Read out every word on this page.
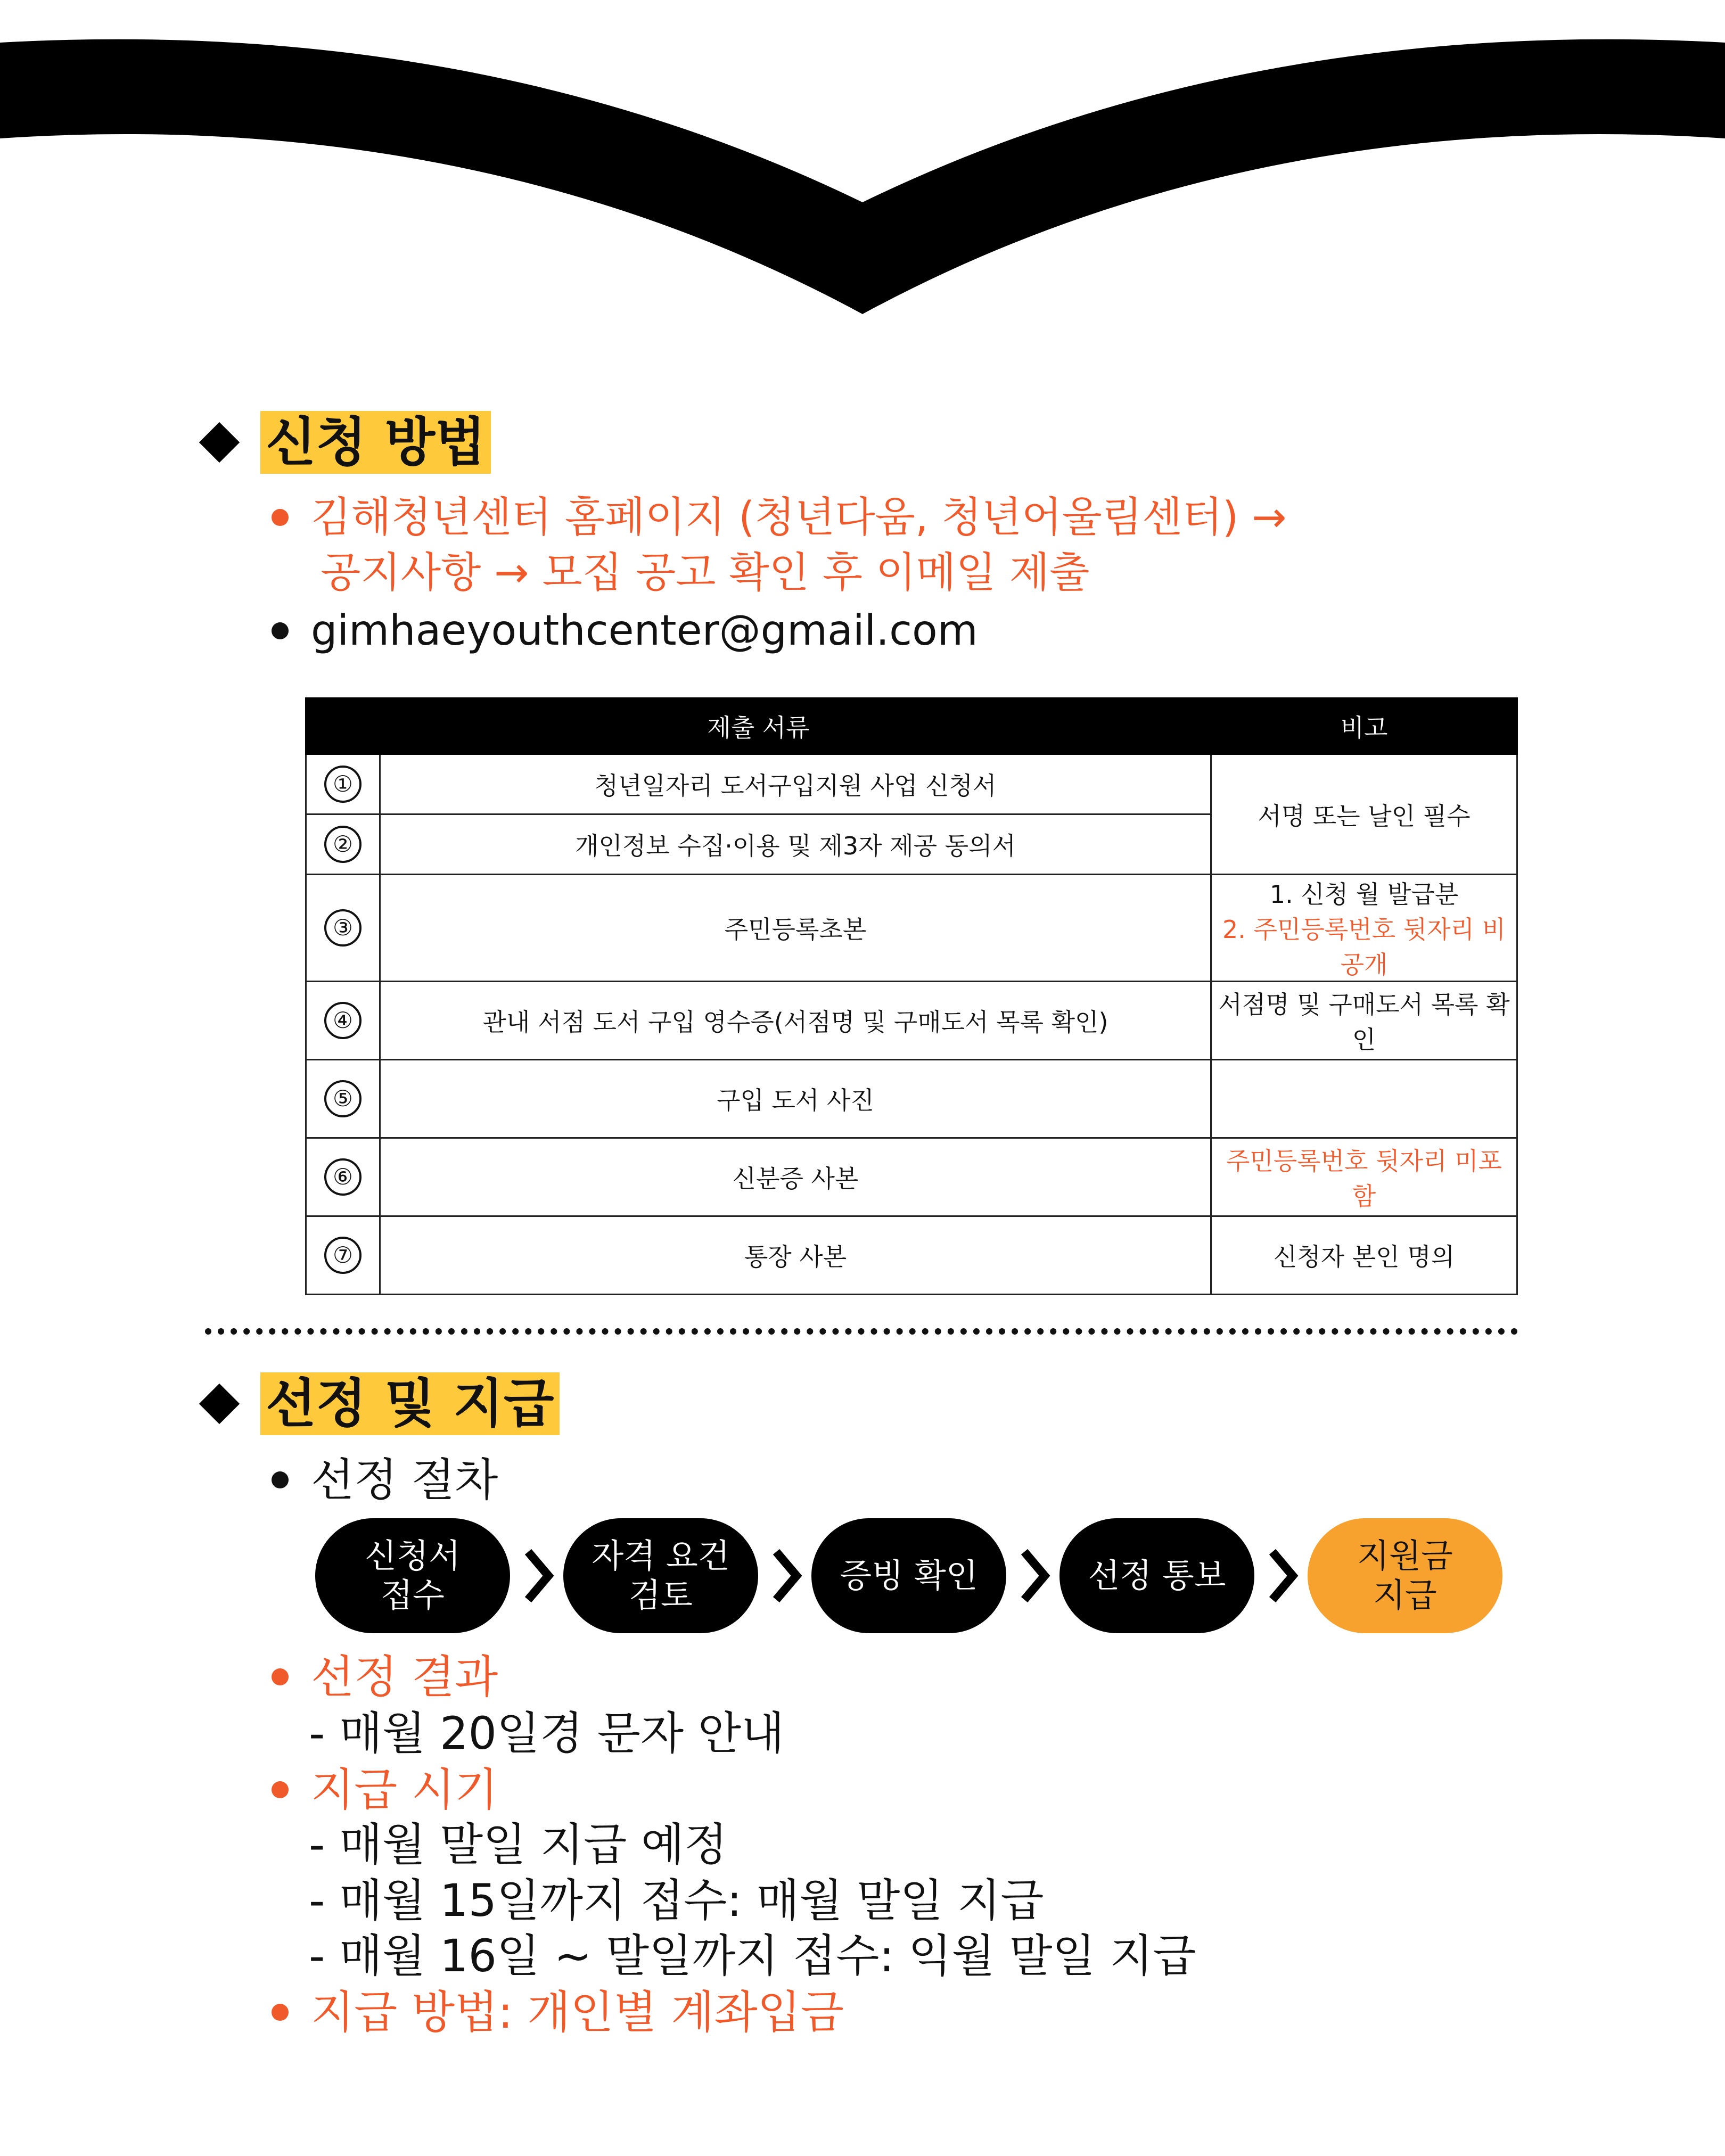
신청 방법
김해청년센터 홈페이지 (청년다움, 청년어울림센터) →
공지사항 → 모집 공고 확인 후 이메일 제출
gimhaeyouthcenter@gmail.com
제출 서류		비고
①	청년일자리 도서구입지원 사업 신청서	서명 또는 날인 필수
②	개인정보 수집·이용 및 제3자 제공 동의서	
③	주민등록초본	1. 신청 월 발급분
2. 주민등록번호 뒷자리 비공개

④	관내 서점 도서 구입 영수증(서점명 및 구매도서 목록 확인)	서점명 및 구매도서 목록 확인
⑤	구입 도서 사진	
⑥	신분증 사본	주민등록번호 뒷자리 미포함
⑦	통장 사본	신청자 본인 명의
선정 및 지급
선정 절차
신청서
접수
자격 요건
검토
증빙 확인	선정 통보
지원금
지급
선정 결과
- 매월 20일경 문자 안내
지급 시기
- 매월 말일 지급 예정
- 매월 15일까지 접수: 매월 말일 지급
- 매월 16일 ~ 말일까지 접수: 익월 말일 지급
지급 방법: 개인별 계좌입금
